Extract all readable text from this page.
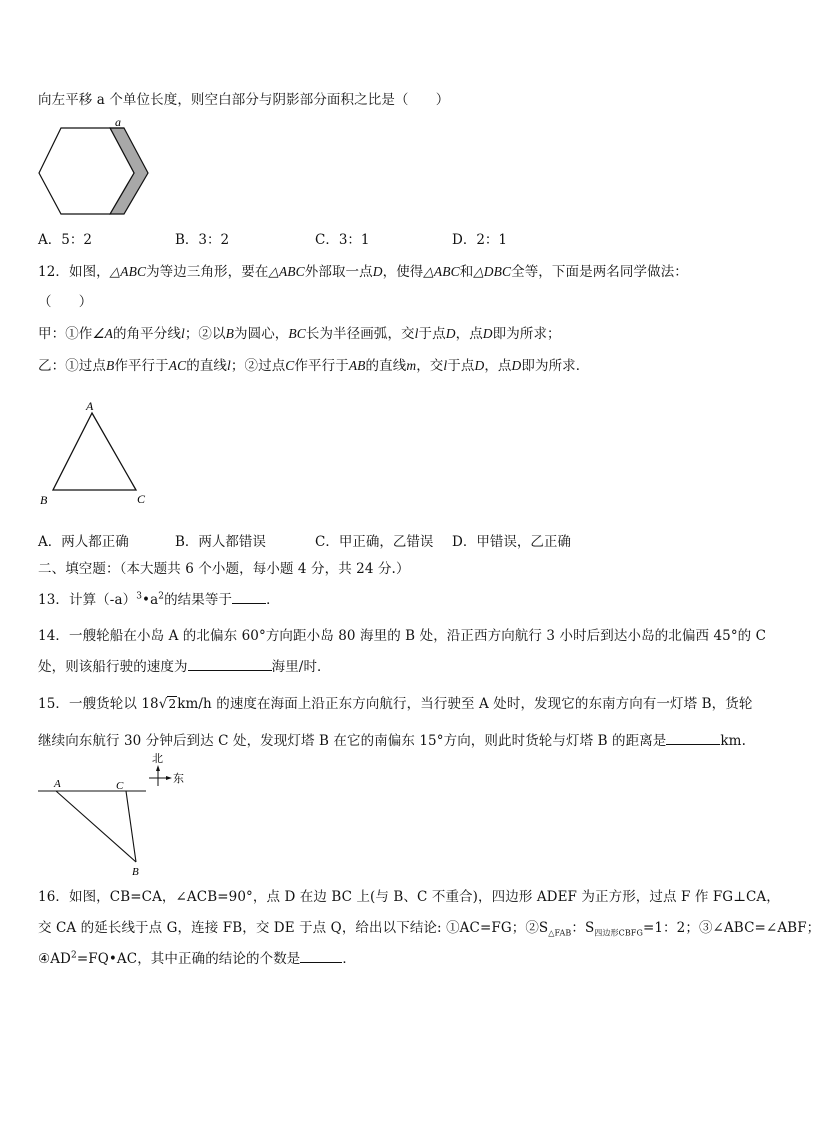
向左平移 a 个单位长度，则空白部分与阴影部分面积之比是（　　）
a
A．5：2	B．3：2	C．3：1	D．2：1
12．如图，△ABC为等边三角形，要在△ABC外部取一点D，使得△ABC和△DBC全等，下面是两名同学做法：
（　　）
甲：①作∠A的角平分线l；②以B为圆心，BC长为半径画弧，交l于点D，点D即为所求；
乙：①过点B作平行于AC的直线l；②过点C作平行于AB的直线m，交l于点D，点D即为所求．
A
B	C
A．两人都正确	B．两人都错误	C．甲正确，乙错误 D．甲错误，乙正确
二、填空题：（本大题共 6 个小题，每小题 4 分，共 24 分.）
13．计算$(-a)^3•a^2$的结果等于	．
14．一艘轮船在小岛 A 的北偏东 60°方向距小岛 80 海里的 B 处，沿正西方向航行 3 小时后到达小岛的北偏西 45°的 C
处，则该船行驶的速度为	海里/时．
15．一艘货轮以 18√2km/h 的速度在海面上沿正东方向航行，当行驶至 A 处时，发现它的东南方向有一灯塔 B，货轮
继续向东航行 30 分钟后到达 C 处，发现灯塔 B 在它的南偏东 15°方向，则此时货轮与灯塔 B 的距离是	km.
北
东
A	C
B
16．如图，CB=CA，∠ACB=90°，点 D 在边 BC 上(与 B、C 不重合)，四边形 ADEF 为正方形，过点 F 作 FG⊥CA，
交 CA 的延长线于点 G，连接 FB，交 DE 于点 Q，给出以下结论: ①AC=FG；$②S_{\triangle FAB}$：$S_{四边形CBFG}=1$：2；③∠ABC=∠ABF；
$④AD^2=FQ•AC$，其中正确的结论的个数是	．
